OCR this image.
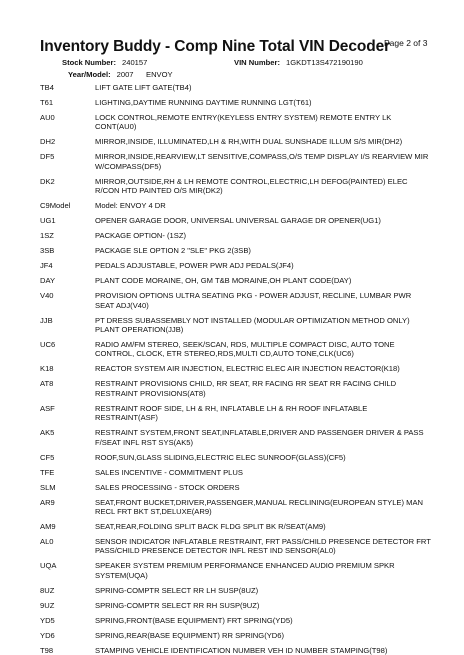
Inventory Buddy - Comp Nine Total VIN Decoder
Page 2 of 3
Stock Number: 240157	VIN Number: 1GKDT13S472190190
Year/Model: 2007 ENVOY
TB4	LIFT GATE LIFT GATE(TB4)
T61	LIGHTING,DAYTIME RUNNING DAYTIME RUNNING LGT(T61)
AU0	LOCK CONTROL,REMOTE ENTRY(KEYLESS ENTRY SYSTEM) REMOTE ENTRY LK CONT(AU0)
DH2	MIRROR,INSIDE, ILLUMINATED,LH & RH,WITH DUAL SUNSHADE ILLUM S/S MIR(DH2)
DF5	MIRROR,INSIDE,REARVIEW,LT SENSITIVE,COMPASS,O/S TEMP DISPLAY I/S REARVIEW MIR W/COMPASS(DF5)
DK2	MIRROR,OUTSIDE,RH & LH REMOTE CONTROL,ELECTRIC,LH DEFOG(PAINTED) ELEC R/CON HTD PAINTED O/S MIR(DK2)
C9Model	Model: ENVOY 4 DR
UG1	OPENER GARAGE DOOR, UNIVERSAL UNIVERSAL GARAGE DR OPENER(UG1)
1SZ	PACKAGE OPTION- (1SZ)
3SB	PACKAGE SLE OPTION 2 "SLE" PKG 2(3SB)
JF4	PEDALS ADJUSTABLE, POWER PWR ADJ PEDALS(JF4)
DAY	PLANT CODE MORAINE, OH, GM T&B MORAINE,OH PLANT CODE(DAY)
V40	PROVISION OPTIONS ULTRA SEATING PKG - POWER ADJUST, RECLINE, LUMBAR PWR SEAT ADJ(V40)
JJB	PT DRESS SUBASSEMBLY NOT INSTALLED (MODULAR OPTIMIZATION METHOD ONLY) PLANT OPERATION(JJB)
UC6	RADIO AM/FM STEREO, SEEK/SCAN, RDS, MULTIPLE COMPACT DISC, AUTO TONE CONTROL, CLOCK, ETR STEREO,RDS,MULTI CD,AUTO TONE,CLK(UC6)
K18	REACTOR SYSTEM AIR INJECTION, ELECTRIC ELEC AIR INJECTION REACTOR(K18)
AT8	RESTRAINT PROVISIONS CHILD, RR SEAT, RR FACING RR SEAT RR FACING CHILD RESTRAINT PROVISIONS(AT8)
ASF	RESTRAINT ROOF SIDE, LH & RH, INFLATABLE LH & RH ROOF INFLATABLE RESTRAINT(ASF)
AK5	RESTRAINT SYSTEM,FRONT SEAT,INFLATABLE,DRIVER AND PASSENGER DRIVER & PASS F/SEAT INFL RST SYS(AK5)
CF5	ROOF,SUN,GLASS SLIDING,ELECTRIC ELEC SUNROOF(GLASS)(CF5)
TFE	SALES INCENTIVE - COMMITMENT PLUS
SLM	SALES PROCESSING - STOCK ORDERS
AR9	SEAT,FRONT BUCKET,DRIVER,PASSENGER,MANUAL RECLINING(EUROPEAN STYLE) MAN RECL FRT BKT ST,DELUXE(AR9)
AM9	SEAT,REAR,FOLDING SPLIT BACK FLDG SPLIT BK R/SEAT(AM9)
AL0	SENSOR INDICATOR INFLATABLE RESTRAINT, FRT PASS/CHILD PRESENCE DETECTOR FRT PASS/CHILD PRESENCE DETECTOR INFL REST IND SENSOR(AL0)
UQA	SPEAKER SYSTEM PREMIUM PERFORMANCE ENHANCED AUDIO PREMIUM SPKR SYSTEM(UQA)
8UZ	SPRING-COMPTR SELECT RR LH SUSP(8UZ)
9UZ	SPRING-COMPTR SELECT RR RH SUSP(9UZ)
YD5	SPRING,FRONT(BASE EQUIPMENT) FRT SPRING(YD5)
YD6	SPRING,REAR(BASE EQUIPMENT) RR SPRING(YD6)
T98	STAMPING VEHICLE IDENTIFICATION NUMBER VEH ID NUMBER STAMPING(T98)
